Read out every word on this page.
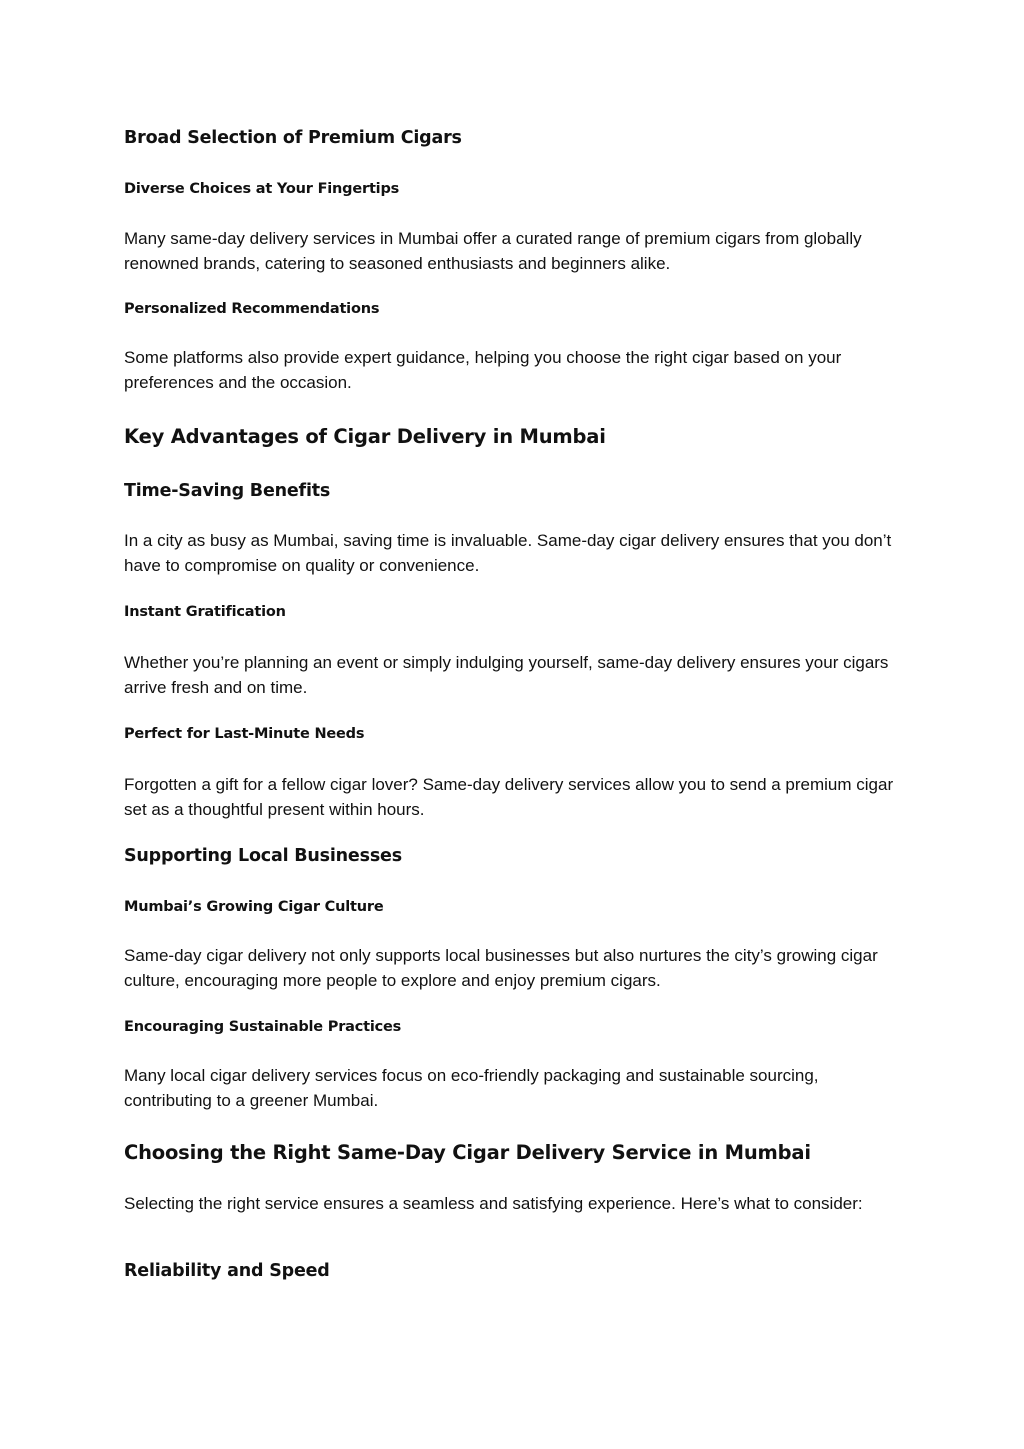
Broad Selection of Premium Cigars
Diverse Choices at Your Fingertips

Many same-day delivery services in Mumbai offer a curated range of premium cigars from globally renowned brands, catering to seasoned enthusiasts and beginners alike.

Personalized Recommendations

Some platforms also provide expert guidance, helping you choose the right cigar based on your preferences and the occasion.

Key Advantages of Cigar Delivery in Mumbai
Time-Saving Benefits

In a city as busy as Mumbai, saving time is invaluable. Same-day cigar delivery ensures that you don’t have to compromise on quality or convenience.

Instant Gratification

Whether you’re planning an event or simply indulging yourself, same-day delivery ensures your cigars arrive fresh and on time.

Perfect for Last-Minute Needs

Forgotten a gift for a fellow cigar lover? Same-day delivery services allow you to send a premium cigar set as a thoughtful present within hours.

Supporting Local Businesses
Mumbai’s Growing Cigar Culture

Same-day cigar delivery not only supports local businesses but also nurtures the city’s growing cigar culture, encouraging more people to explore and enjoy premium cigars.

Encouraging Sustainable Practices

Many local cigar delivery services focus on eco-friendly packaging and sustainable sourcing, contributing to a greener Mumbai.

Choosing the Right Same-Day Cigar Delivery Service in Mumbai

Selecting the right service ensures a seamless and satisfying experience. Here’s what to consider:

Reliability and Speed
